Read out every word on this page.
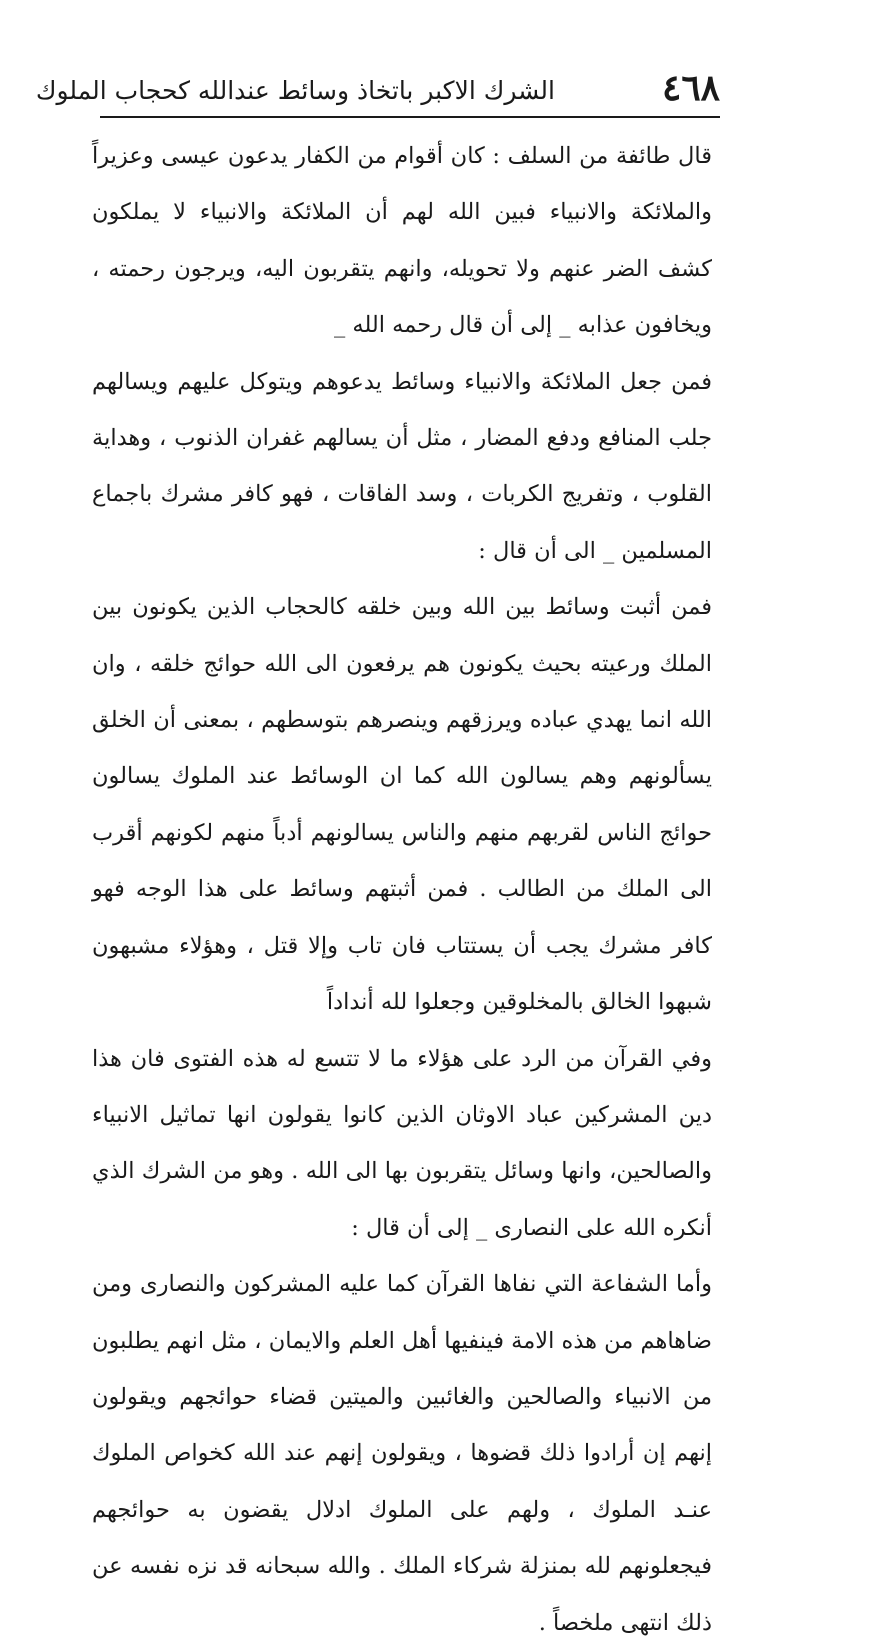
٤٦٨
الشرك الاكبر باتخاذ وسائط عندالله كحجاب الملوك

قال طائفة من السلف : كان أقوام من الكفار يدعون عيسى وعزيراً والملائكة والانبياء فبين الله لهم أن الملائكة والانبياء لا يملكون كشف الضر عنهم ولا تحويله، وانهم يتقربون اليه، ويرجون رحمته ، ويخافون عذابه _ إلى أن قال رحمه الله _

فمن جعل الملائكة والانبياء وسائط يدعوهم ويتوكل عليهم ويسالهم جلب المنافع ودفع المضار ، مثل أن يسالهم غفران الذنوب ، وهداية القلوب ، وتفريج الكربات ، وسد الفاقات ، فهو كافر مشرك باجماع المسلمين _ الى أن قال :

فمن أثبت وسائط بين الله وبين خلقه كالحجاب الذين يكونون بين الملك ورعيته بحيث يكونون هم يرفعون الى الله حوائج خلقه ، وان الله انما يهدي عباده ويرزقهم وينصرهم بتوسطهم ، بمعنى أن الخلق يسألونهم وهم يسالون الله كما ان الوسائط عند الملوك يسالون حوائج الناس لقربهم منهم والناس يسالونهم أدباً منهم لكونهم أقرب الى الملك من الطالب . فمن أثبتهم وسائط على هذا الوجه فهو كافر مشرك يجب أن يستتاب فان تاب وإلا قتل ، وهؤلاء مشبهون شبهوا الخالق بالمخلوقين وجعلوا لله أنداداً

وفي القرآن من الرد على هؤلاء ما لا تتسع له هذه الفتوى فان هذا دين المشركين عباد الاوثان الذين كانوا يقولون انها تماثيل الانبياء والصالحين، وانها وسائل يتقربون بها الى الله . وهو من الشرك الذي أنكره الله على النصارى _ إلى أن قال :

وأما الشفاعة التي نفاها القرآن كما عليه المشركون والنصارى ومن ضاهاهم من هذه الامة فينفيها أهل العلم والايمان ، مثل انهم يطلبون من الانبياء والصالحين والغائبين والميتين قضاء حوائجهم ويقولون إنهم إن أرادوا ذلك قضوها ، ويقولون إنهم عند الله كخواص الملوك عنـد الملوك ، ولهم على الملوك ادلال يقضون به حوائجهم فيجعلونهم لله بمنزلة شركاء الملك . والله سبحانه قد نزه نفسه عن ذلك انتهى ملخصاً .
